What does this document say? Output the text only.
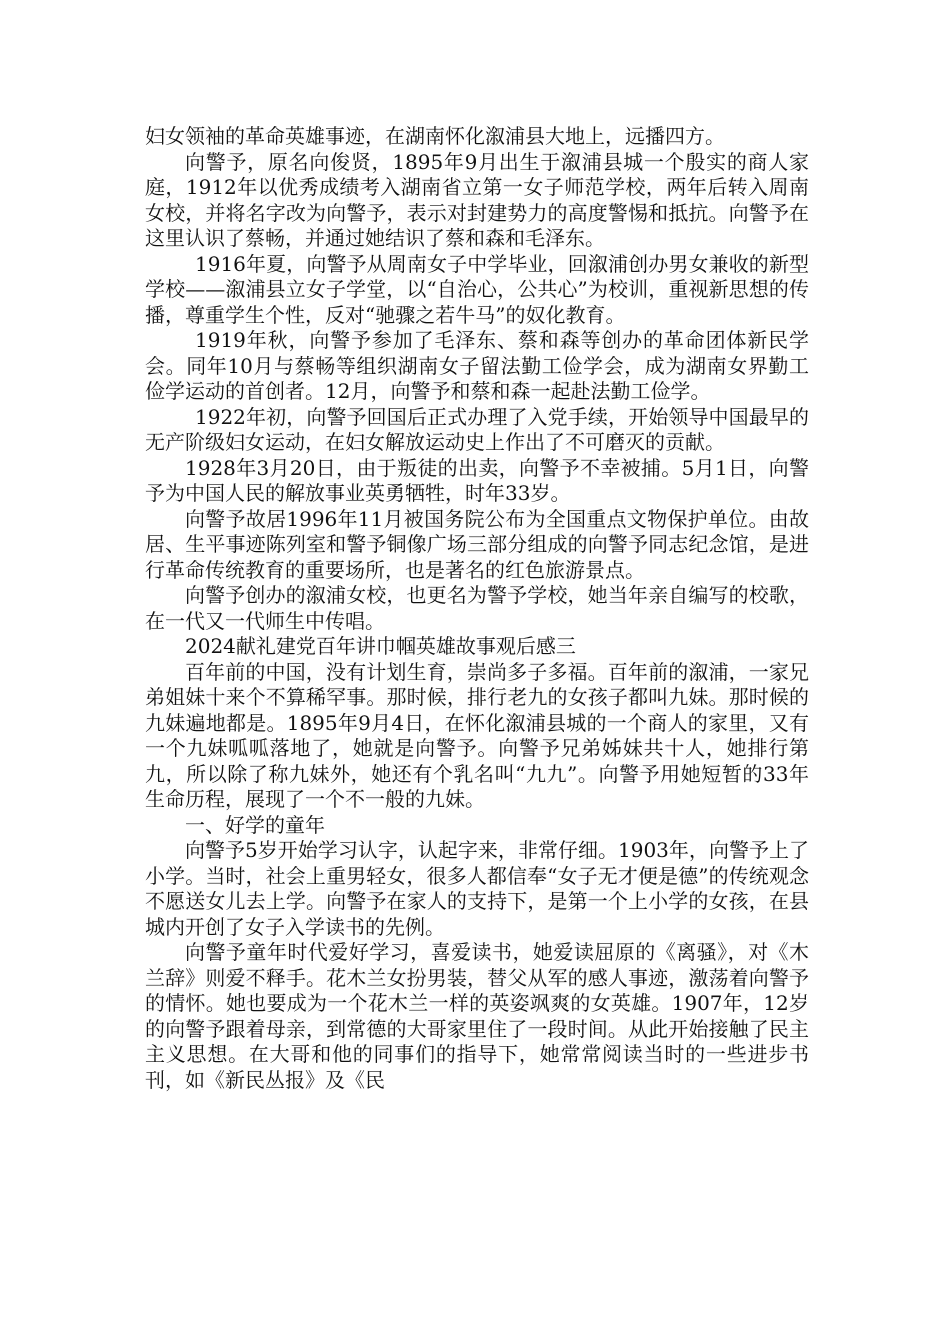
妇女领袖的革命英雄事迹，在湖南怀化溆浦县大地上，远播四方。

向警予，原名向俊贤，1895年9月出生于溆浦县城一个殷实的商人家庭，1912年以优秀成绩考入湖南省立第一女子师范学校，两年后转入周南女校，并将名字改为向警予，表示对封建势力的高度警惕和抵抗。向警予在这里认识了蔡畅，并通过她结识了蔡和森和毛泽东。

1916年夏，向警予从周南女子中学毕业，回溆浦创办男女兼收的新型学校——溆浦县立女子学堂，以“自治心，公共心”为校训，重视新思想的传播，尊重学生个性，反对“驰骤之若牛马”的奴化教育。

1919年秋，向警予参加了毛泽东、蔡和森等创办的革命团体新民学会。同年10月与蔡畅等组织湖南女子留法勤工俭学会，成为湖南女界勤工俭学运动的首创者。12月，向警予和蔡和森一起赴法勤工俭学。

1922年初，向警予回国后正式办理了入党手续，开始领导中国最早的无产阶级妇女运动，在妇女解放运动史上作出了不可磨灭的贡献。

1928年3月20日，由于叛徒的出卖，向警予不幸被捕。5月1日，向警予为中国人民的解放事业英勇牺牲，时年33岁。

向警予故居1996年11月被国务院公布为全国重点文物保护单位。由故居、生平事迹陈列室和警予铜像广场三部分组成的向警予同志纪念馆，是进行革命传统教育的重要场所，也是著名的红色旅游景点。

向警予创办的溆浦女校，也更名为警予学校，她当年亲自编写的校歌，在一代又一代师生中传唱。

2024献礼建党百年讲巾帼英雄故事观后感三

百年前的中国，没有计划生育，崇尚多子多福。百年前的溆浦，一家兄弟姐妹十来个不算稀罕事。那时候，排行老九的女孩子都叫九妹。那时候的九妹遍地都是。1895年9月4日，在怀化溆浦县城的一个商人的家里，又有一个九妹呱呱落地了，她就是向警予。向警予兄弟姊妹共十人，她排行第九，所以除了称九妹外，她还有个乳名叫“九九”。向警予用她短暂的33年生命历程，展现了一个不一般的九妹。

一、好学的童年

向警予5岁开始学习认字，认起字来，非常仔细。1903年，向警予上了小学。当时，社会上重男轻女，很多人都信奉“女子无才便是德”的传统观念不愿送女儿去上学。向警予在家人的支持下，是第一个上小学的女孩，在县城内开创了女子入学读书的先例。

向警予童年时代爱好学习，喜爱读书，她爱读屈原的《离骚》，对《木兰辞》则爱不释手。花木兰女扮男装，替父从军的感人事迹，激荡着向警予的情怀。她也要成为一个花木兰一样的英姿飒爽的女英雄。1907年，12岁的向警予跟着母亲，到常德的大哥家里住了一段时间。从此开始接触了民主主义思想。在大哥和他的同事们的指导下，她常常阅读当时的一些进步书刊，如《新民丛报》及《民
